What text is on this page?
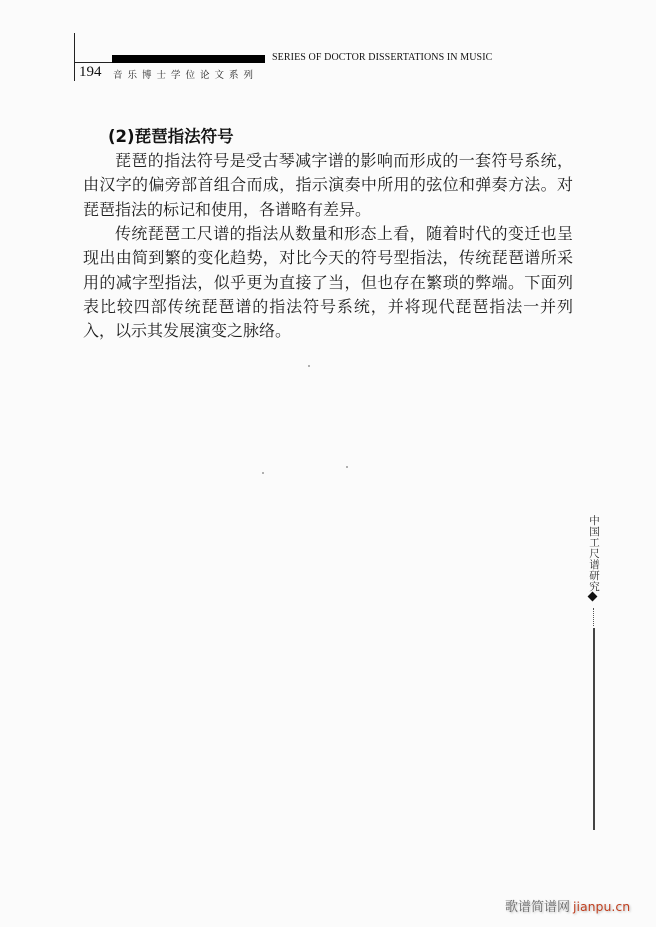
SERIES OF DOCTOR DISSERTATIONS IN MUSIC
194 音乐博士学位论文系列
(2)琵琶指法符号
琵琶的指法符号是受古琴减字谱的影响而形成的一套符号系统，由汉字的偏旁部首组合而成，指示演奏中所用的弦位和弹奏方法。对琵琶指法的标记和使用，各谱略有差异。
传统琵琶工尺谱的指法从数量和形态上看，随着时代的变迁也呈现出由简到繁的变化趋势，对比今天的符号型指法，传统琵琶谱所采用的减字型指法，似乎更为直接了当，但也存在繁琐的弊端。下面列表比较四部传统琵琶谱的指法符号系统，并将现代琵琶指法一并列入，以示其发展演变之脉络。
中国工尺谱研究
歌谱简谱网 jianpu.cn
